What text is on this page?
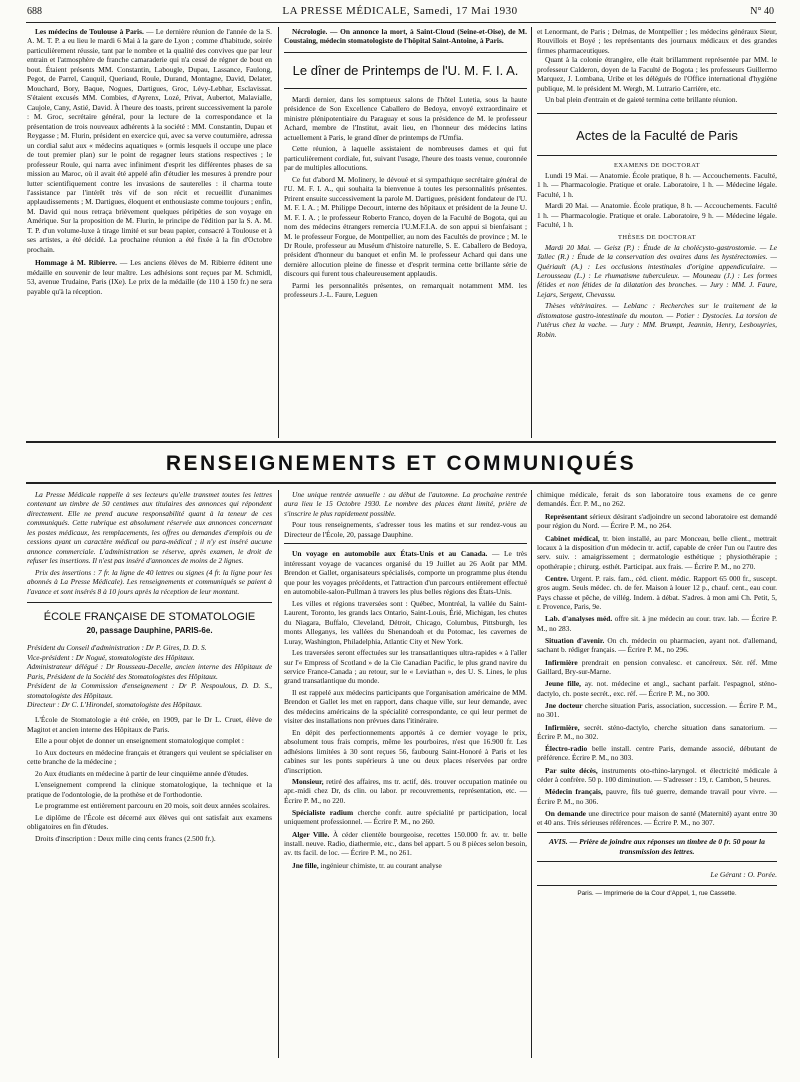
688	LA PRESSE MÉDICALE, Samedi, 17 Mai 1930	N° 40

Les médecins de Toulouse à Paris. — Le dernière réunion de l'année de la S. A. M. T. P. a eu lieu le mardi 6 Mai à la gare de Lyon ; comme d'habitude, soirée particulièrement réussie, tant par le nombre et la qualité des convives que par leur entrain et l'atmosphère de franche camaraderie qui n'a cessé de régner de bout en bout. Étaient présents MM. Constantin, Labougle, Dupau, Lassance, Faulong, Pegot, de Parrel, Cauquil, Queriaud, Roule, Durand, Montagne, David, Delater, Mouchard, Bory, Baque, Nogues, Dartigues, Groc, Lévy-Lebhar, Esclavissat. S'étaient excusés MM. Combies, d'Ayrenx, Lozé, Privat, Aubertot, Malavialle, Caujole, Cany, Astié, David. À l'heure des toasts, prirent successivement la parole : M. Groc, secrétaire général, pour la lecture de la correspondance et la présentation de trois nouveaux adhérents à la société : MM. Constantin, Dupau et Reygasse ; M. Flurin, président en exercice qui, avec sa verve coutumière, adressa un cordial salut aux « médecins aquatiques » (ormis lesquels il occupe une place de tout premier plan) sur le point de regagner leurs stations respectives ; le professeur Roule, qui narra avec infiniment d'esprit les différentes phases de sa mission au Maroc, où il avait été appelé afin d'étudier les mesures à prendre pour lutter scientifiquement contre les invasions de sauterelles : il charma toute l'assistance par l'intérêt très vif de son récit et recueillit d'unanimes applaudissements ; M. Dartigues, éloquent et enthousiaste comme toujours ; enfin, M. David qui nous retraça brièvement quelques péripéties de son voyage en Amérique. Sur la proposition de M. Flurin, le principe de l'édition par la S. A. M. T. P. d'un volume-luxe à tirage limité et sur beau papier, consacré à Toulouse et à ses artistes, a été décidé. La prochaine réunion a été fixée à la fin d'Octobre prochain.

Hommage à M. Ribierre. — Les anciens élèves de M. Ribierre éditent une médaille en souvenir de leur maître. Les adhésions sont reçues par M. Schmidl, 53, avenue Trudaine, Paris (IXe). Le prix de la médaille (de 110 à 150 fr.) ne sera payable qu'à la réception.

Nécrologie. — On annonce la mort, à Saint-Cloud (Seine-et-Oise), de M. Coustaing, médecin stomatologiste de l'hôpital Saint-Antoine, à Paris.

Le dîner de Printemps de l'U. M. F. I. A.

Mardi dernier, dans les somptueux salons de l'hôtel Lutetia, sous la haute présidence de Son Excellence Caballero de Bedoya, envoyé extraordinaire et ministre plénipotentiaire du Paraguay et sous la présidence de M. le professeur Achard, membre de l'Institut, avait lieu, en l'honneur des médecins latins actuellement à Paris, le grand dîner de printemps de l'Umfia.

Cette réunion, à laquelle assistaient de nombreuses dames et qui fut particulièrement cordiale, fut, suivant l'usage, l'heure des toasts venue, couronnée par de multiples allocutions.

Ce fut d'abord M. Molinery, le dévoué et si sympathique secrétaire général de l'U. M. F. I. A., qui souhaita la bienvenue à toutes les personnalités présentes. Prirent ensuite successivement la parole M. Dartigues, président fondateur de l'U. M. F. I. A. ; M. Philippe Decourt, interne des hôpitaux et président de la Jeune U. M. F. I. A. ; le professeur Roberto Franco, doyen de la Faculté de Bogota, qui au nom des médecins étrangers remercia l'U.M.F.I.A. de son appui si bienfaisant ; M. le professeur Forgue, de Montpellier, au nom des Facultés de province ; M. le Dr Roule, professeur au Muséum d'histoire naturelle, S. E. Caballero de Bedoya, président d'honneur du banquet et enfin M. le professeur Achard qui dans une dernière allocution pleine de finesse et d'esprit termina cette brillante série de discours qui furent tous chaleureusement applaudis.

Parmi les personnalités présentes, on remarquait notamment MM. les professeurs J.-L. Faure, Leguen

et Lenormant, de Paris ; Delmas, de Montpellier ; les médecins généraux Sieur, Rouvillois et Boyé ; les représentants des journaux médicaux et des grandes firmes pharmaceutiques.

Quant à la colonie étrangère, elle était brillamment représentée par MM. le professeur Calderon, doyen de la Faculté de Bogota ; les professeurs Guillermo Marquez, J. Lombana, Uribe et les délégués de l'Office international d'hygiène publique, M. le président M. Wergh, M. Lutrario Carrière, etc.

Un bal plein d'entrain et de gaieté termina cette brillante réunion.

Actes de la Faculté de Paris
EXAMENS DE DOCTORAT

Lundi 19 Mai. — Anatomie. École pratique, 8 h. — Accouchements. Faculté, 1 h. — Pharmacologie. Pratique et orale. Laboratoire, 1 h. — Médecine légale. Faculté, 1 h.

Mardi 20 Mai. — Anatomie. École pratique, 8 h. — Accouchements. Faculté 1 h. — Pharmacologie. Pratique et orale. Laboratoire, 9 h. — Médecine légale. Faculté, 1 h.

THÈSES DE DOCTORAT

Mardi 20 Mai. — Geisz (P.) : Étude de la cholécysto-gastrostomie. — Le Tallec (R.) : Étude de la conservation des ovaires dans les hystérectomies. — Quériault (A.) : Les occlusions intestinales d'origine appendiculaire. — Lerousseau (L.) : Le rhumatisme tuberculeux. — Mouneau (J.) : Les formes fétides et non fétides de la dilatation des bronches. — Jury : MM. J. Faure, Lejars, Sergent, Chevassu.

Thèses vétérinaires. — Leblanc : Recherches sur le traitement de la distomatose gastro-intestinale du mouton. — Potier : Dystocies. La torsion de l'utérus chez la vache. — Jury : MM. Brumpt, Jeannin, Henry, Lesbouyries, Robin.

RENSEIGNEMENTS ET COMMUNIQUÉS

La Presse Médicale rappelle à ses lecteurs qu'elle transmet toutes les lettres contenant un timbre de 50 centimes aux titulaires des annonces qui répondent directement. Elle ne prend aucune responsabilité quant à la teneur de ces communiqués. Cette rubrique est absolument réservée aux annonces concernant les postes médicaux, les remplacements, les offres ou demandes d'emplois ou de cessions ayant un caractère médical ou para-médical ; il n'y est inséré aucune annonce commerciale. L'administration se réserve, après examen, le droit de refuser les insertions. Il n'est pas inséré d'annonces de moins de 2 lignes.

Prix des insertions : 7 fr. la ligne de 40 lettres ou signes (4 fr. la ligne pour les abonnés à La Presse Médicale). Les renseignements et communiqués se paient à l'avance et sont insérés 8 à 10 jours après la réception de leur montant.

ÉCOLE FRANÇAISE DE STOMATOLOGIE
20, passage Dauphine, PARIS-6e.

Président du Conseil d'administration : Dr P. Gires, D. D. S.

Vice-président : Dr Nogué, stomatologiste des Hôpitaux.

Administrateur délégué : Dr Rousseau-Decelle, ancien interne des Hôpitaux de Paris, Président de la Société des Stomatologistes des Hôpitaux.

Président de la Commission d'enseignement : Dr P. Nespoulous, D. D. S., stomatologiste des Hôpitaux.

Directeur : Dr C. L'Hirondel, stomatologiste des Hôpitaux.

L'École de Stomatologie a été créée, en 1909, par le Dr L. Cruet, élève de Magitot et ancien interne des Hôpitaux de Paris.

Elle a pour objet de donner un enseignement stomatologique complet :

1o Aux docteurs en médecine français et étrangers qui veulent se spécialiser en cette branche de la médecine ;

2o Aux étudiants en médecine à partir de leur cinquième année d'études.

L'enseignement comprend la clinique stomatologique, la technique et la pratique de l'odontologie, de la prothèse et de l'orthodontie.

Le programme est entièrement parcouru en 20 mois, soit deux années scolaires.

Le diplôme de l'École est décerné aux élèves qui ont satisfait aux examens obligatoires en fin d'études.

Droits d'inscription : Deux mille cinq cents francs (2.500 fr.).

Une unique rentrée annuelle : au début de l'automne. La prochaine rentrée aura lieu le 15 Octobre 1930. Le nombre des places étant limité, prière de s'inscrire le plus rapidement possible.

Pour tous renseignements, s'adresser tous les matins et sur rendez-vous au Directeur de l'École, 20, passage Dauphine.

Un voyage en automobile aux États-Unis et au Canada. — Le très intéressant voyage de vacances organisé du 19 Juillet au 26 Août par MM. Brendon et Gallet, organisateurs spécialisés, comporte un programme plus étendu que pour les voyages précédents, et l'attraction d'un parcours entièrement effectué en automobile-salon-Pullman à travers les plus belles régions des États-Unis.

Les villes et régions traversées sont : Québec, Montréal, la vallée du Saint-Laurent, Toronto, les grands lacs Ontario, Saint-Louis, Érié, Michigan, les chutes du Niagara, Buffalo, Cleveland, Détroit, Chicago, Columbus, Pittsburgh, les monts Alleganys, les vallées du Shenandoah et du Potomac, les cavernes de Luray, Washington, Philadelphia, Atlantic City et New York.

Les traversées seront effectuées sur les transatlantiques ultra-rapides « à l'aller sur l'« Empress of Scotland » de la Cie Canadian Pacific, le plus grand navire du service France-Canada ; au retour, sur le « Leviathan », des U. S. Lines, le plus grand transatlantique du monde.

Il est rappelé aux médecins participants que l'organisation américaine de MM. Brendon et Gallet les met en rapport, dans chaque ville, sur leur demande, avec des médecins américains de la spécialité correspondante, ce qui leur permet de visiter des installations non prévues dans l'itinéraire.

En dépit des perfectionnements apportés à ce dernier voyage le prix, absolument tous frais compris, même les pourboires, n'est que 16.900 fr. Les adhésions limitées à 30 sont reçues 56, faubourg Saint-Honoré à Paris et les cabines sur les ponts supérieurs à une ou deux places réservées par ordre d'inscription.

Monsieur, retiré des affaires, ms tr. actif, dés. trouver occupation matinée ou apr.-midi chez Dr, ds clin. ou labor. pr recouvrements, représentation, etc. — Écrire P. M., no 220.

Spécialiste radium cherche confr. autre spécialité pr participation, local uniquement professionnel. — Écrire P. M., no 260.

Alger Ville. À céder clientèle bourgeoise, recettes 150.000 fr. av. tr. belle install. neuve. Radio, diathermie, etc., dans bel appart. 5 ou 8 pièces selon besoin, av. tts facil. de loc. — Écrire P. M., no 261.

Jne fille, ingénieur chimiste, tr. au courant analyse

chimique médicale, ferait ds son laboratoire tous examens de ce genre demandés. Écr. P. M., no 262.

Représentant sérieux désirant s'adjoindre un second laboratoire est demandé pour région du Nord. — Écrire P. M., no 264.

Cabinet médical, tr. bien installé, au parc Monceau, belle client., mettrait locaux à la disposition d'un médecin tr. actif, capable de créer l'un ou l'autre des serv. suiv. : amaigrissement ; dermatologie esthétique ; physiothérapie ; opothérapie ; chirurg. esthét. Participat. aux frais. — Écrire P. M., no 270.

Centre. Urgent. P. rais. fam., céd. client. médic. Rapport 65 000 fr., suscept. gros augm. Seuls médec. ch. de fer. Maison à louer 12 p., chauf. cent., eau cour. Pays chasse et pêche, de villég. Indem. à débat. S'adres. à mon ami Ch. Petit, 5, r. Provence, Paris, 9e.

Lab. d'analyses méd. offre sit. à jne médecin au cour. trav. lab. — Écrire P. M., no 283.

Situation d'avenir. On ch. médecin ou pharmacien, ayant not. d'allemand, sachant b. rédiger français. — Écrire P. M., no 296.

Infirmière prendrait en pension convalesc. et cancéreux. Sér. réf. Mme Gaillard, Bry-sur-Marne.

Jeune fille, ay. not. médecine et angl., sachant parfait. l'espagnol, sténo-dactylo, ch. poste secrét., exc. réf. — Écrire P. M., no 300.

Jne docteur cherche situation Paris, association, succession. — Écrire P. M., no 301.

Infirmière, secrét. sténo-dactylo, cherche situation dans sanatorium. — Écrire P. M., no 302.

Électro-radio belle install. centre Paris, demande associé, débutant de préférence. Écrire P. M., no 303.

Par suite décès, instruments oto-rhino-laryngol. et électricité médicale à céder à confrère. 50 p. 100 diminution. — S'adresser : 19, r. Cambon, 5 heures.

Médecin français, pauvre, fils tué guerre, demande travail pour vivre. — Écrire P. M., no 306.

On demande une directrice pour maison de santé (Maternité) ayant entre 30 et 40 ans. Très sérieuses références. — Écrire P. M., no 307.

AVIS. — Prière de joindre aux réponses un timbre de 0 fr. 50 pour la transmission des lettres.
Le Gérant : O. Porée.
Paris. — Imprimerie de la Cour d'Appel, 1, rue Cassette.
